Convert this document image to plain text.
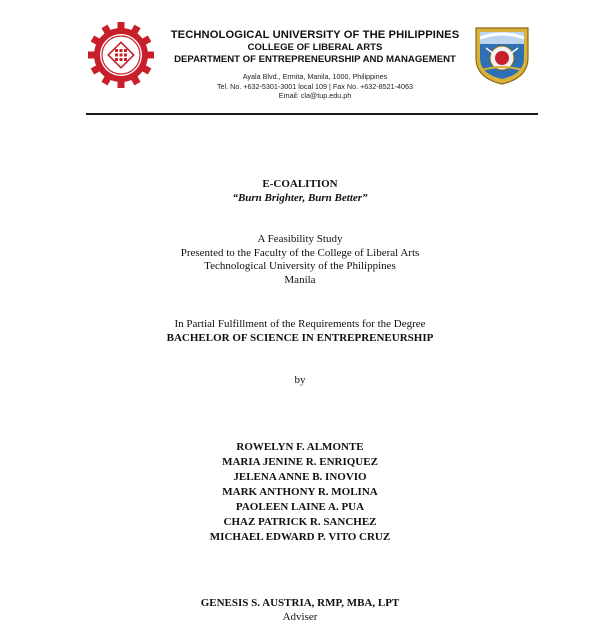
TECHNOLOGICAL UNIVERSITY OF THE PHILIPPINES
COLLEGE OF LIBERAL ARTS
DEPARTMENT OF ENTREPRENEURSHIP AND MANAGEMENT
Ayala Blvd., Ermita, Manila, 1000, Philippines
Tel. No. +632-5301-3001 local 109 | Fax No. +632-8521-4063
Email: cla@tup.edu.ph
E-COALITION
“Burn Brighter, Burn Better”
A Feasibility Study
Presented to the Faculty of the College of Liberal Arts
Technological University of the Philippines
Manila
In Partial Fulfillment of the Requirements for the Degree
BACHELOR OF SCIENCE IN ENTREPRENEURSHIP
by
ROWELYN F. ALMONTE
MARIA JENINE R. ENRIQUEZ
JELENA ANNE B. INOVIO
MARK ANTHONY R. MOLINA
PAOLEEN LAINE A. PUA
CHAZ PATRICK R. SANCHEZ
MICHAEL EDWARD P. VITO CRUZ
GENESIS S. AUSTRIA, RMP, MBA, LPT
Adviser
